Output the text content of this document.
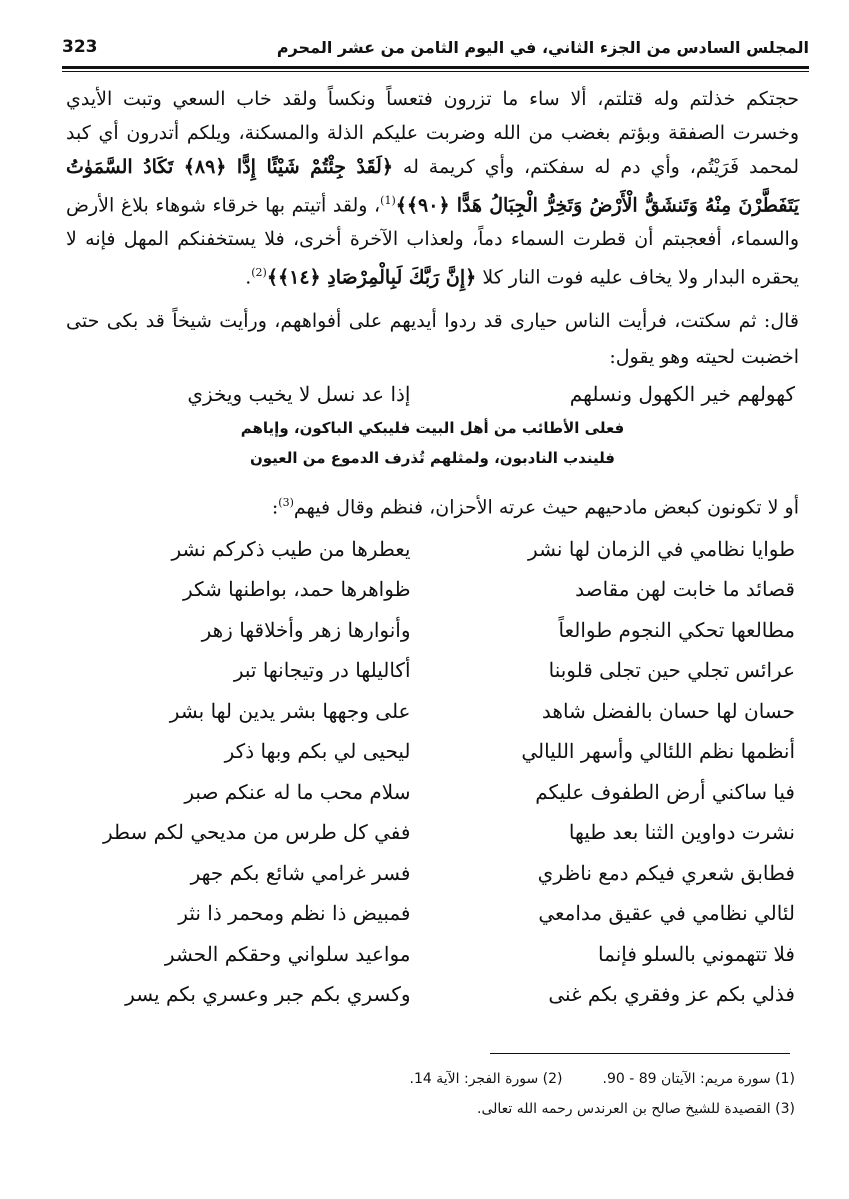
المجلس السادس من الجزء الثاني، في اليوم الثامن من عشر المحرم
323

حجتكم خذلتم وله قتلتم، ألا ساء ما تزرون فتعساً ونكساً ولقد خاب السعي وتبت الأيدي وخسرت الصفقة وبؤتم بغضب من الله وضربت عليكم الذلة والمسكنة، ويلكم أتدرون أي كبد لمحمد فَرَيْتُم، وأي دم له سفكتم، وأي كريمة له ﴿لَقَدْ جِئْتُمْ شَيْئًا إِدًّا ﴿٨٩﴾ تَكَادُ السَّمَوٰتُ يَتَفَطَّرْنَ مِنْهُ وَتَنشَقُّ الْأَرْضُ وَتَخِرُّ الْجِبَالُ هَدًّا ﴿٩٠﴾﴾$^{(1)}$، ولقد أتيتم بها خرقاء شوهاء بلاغ الأرض والسماء، أفعجبتم أن قطرت السماء دماً، ولعذاب الآخرة أخرى، فلا يستخفنكم المهل فإنه لا يحقره البدار ولا يخاف عليه فوت النار كلا ﴿إِنَّ رَبَّكَ لَبِالْمِرْصَادِ ﴿١٤﴾﴾$^{(2)}$.

قال: ثم سكتت، فرأيت الناس حيارى قد ردوا أيديهم على أفواههم، ورأيت شيخاً قد بكى حتى اخضبت لحيته وهو يقول:

كهولهم خير الكهول ونسلهم
إذا عد نسل لا يخيب ويخزي
فعلى الأطائب من أهل البيت فليبكي الباكون، وإياهم
فليندب النادبون، ولمثلهم تُذرف الدموع من العيون

أو لا تكونون كبعض مادحيهم حيث عرته الأحزان، فنظم وقال فيهم$^{(3)}$:

طوايا نظامي في الزمان لها نشر
يعطرها من طيب ذكركم نشر
قصائد ما خابت لهن مقاصد
ظواهرها حمد، بواطنها شكر
مطالعها تحكي النجوم طوالعاً
وأنوارها زهر وأخلاقها زهر
عرائس تجلي حين تجلى قلوبنا
أكاليلها در وتيجانها تبر
حسان لها حسان بالفضل شاهد
على وجهها بشر يدين لها بشر
أنظمها نظم اللئالي وأسهر الليالي
ليحيى لي بكم وبها ذكر
فيا ساكني أرض الطفوف عليكم
سلام محب ما له عنكم صبر
نشرت دواوين الثنا بعد طيها
ففي كل طرس من مديحي لكم سطر
فطابق شعري فيكم دمع ناظري
فسر غرامي شائع بكم جهر
لئالي نظامي في عقيق مدامعي
فمبيض ذا نظم ومحمر ذا نثر
فلا تتهموني بالسلو فإنما
مواعيد سلواني وحقكم الحشر
فذلي بكم عز وفقري بكم غنى
وكسري بكم جبر وعسري بكم يسر
(1) سورة مريم: الآيتان 89 - 90.
(2) سورة الفجر: الآية 14.
(3) القصيدة للشيخ صالح بن العرندس رحمه الله تعالى.
